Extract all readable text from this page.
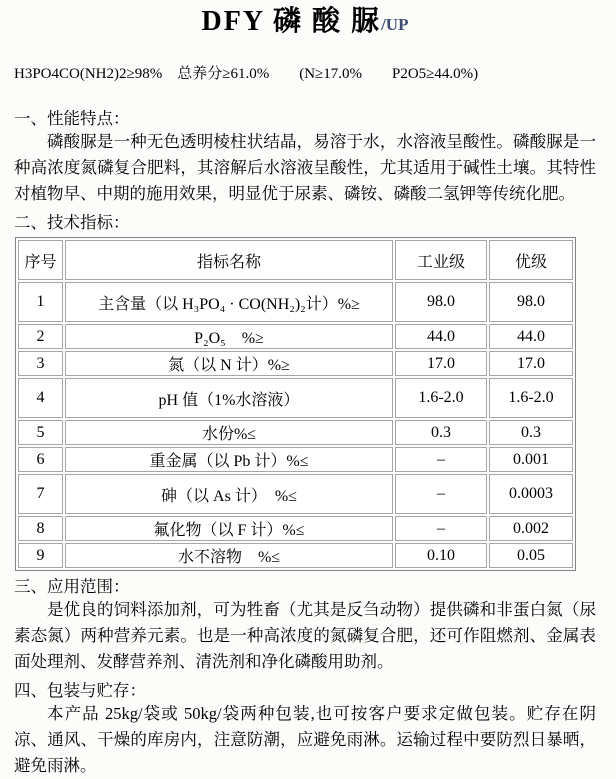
DFY 磷 酸 脲/UP
H3PO4CO(NH2)2≥98%　总养分≥61.0%　　(N≥17.0%　　P2O5≥44.0%)
一、性能特点：

磷酸脲是一种无色透明棱柱状结晶，易溶于水，水溶液呈酸性。磷酸脲是一种高浓度氮磷复合肥料，其溶解后水溶液呈酸性，尤其适用于碱性土壤。其特性对植物早、中期的施用效果，明显优于尿素、磷铵、磷酸二氢钾等传统化肥。

二、技术指标：
序号	指标名称	工业级	优级
1	主含量（以 H₃PO₄ · CO(NH₂)₂计）%≥	98.0	98.0
2	P₂O₅　%≥	44.0	44.0
3	氮（以 N 计）%≥	17.0	17.0
4	pH 值（1%水溶液）	1.6-2.0	1.6-2.0
5	水份%≤	0.3	0.3
6	重金属（以 Pb 计）%≤	–	0.001
7	砷（以 As 计）　%≤	–	0.0003
8	氟化物（以 F 计）%≤	–	0.002
9	水不溶物　%≤	0.10	0.05
三、应用范围：

是优良的饲料添加剂，可为牲畜（尤其是反刍动物）提供磷和非蛋白氮（尿素态氮）两种营养元素。也是一种高浓度的氮磷复合肥，还可作阻燃剂、金属表面处理剂、发酵营养剂、清洗剂和净化磷酸用助剂。

四、包装与贮存：

本产品 25kg/袋或 50kg/袋两种包装,也可按客户要求定做包装。贮存在阴凉、通风、干燥的库房内，注意防潮，应避免雨淋。运输过程中要防烈日暴晒，避免雨淋。
